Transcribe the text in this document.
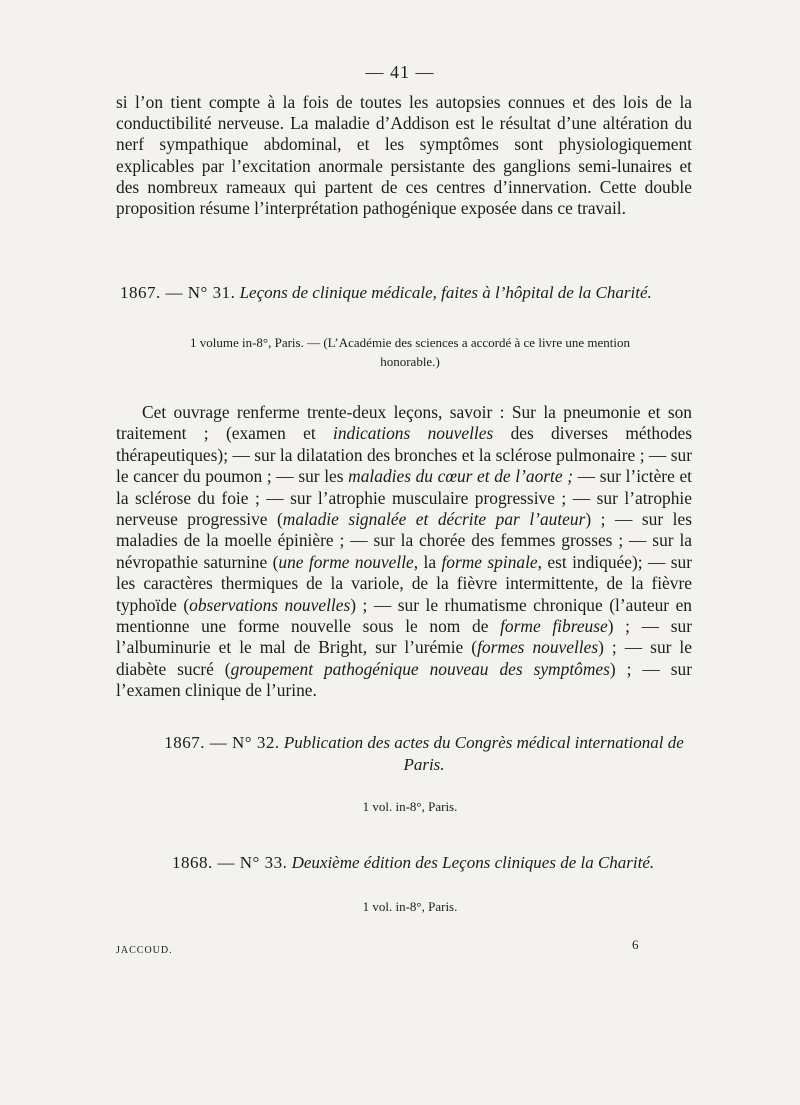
— 41 —

si l’on tient compte à la fois de toutes les autopsies connues et des lois de la conductibilité nerveuse. La maladie d’Addison est le résultat d’une altération du nerf sympathique abdominal, et les symptômes sont physiologiquement explicables par l’excitation anormale persistante des ganglions semi-lunaires et des nombreux rameaux qui partent de ces centres d’innervation. Cette double proposition résume l’interprétation pathogénique exposée dans ce travail.

1867. — N° 31. Leçons de clinique médicale, faites à l’hôpital de la Charité.
1 volume in-8°, Paris. — (L’Académie des sciences a accordé à ce livre une mention honorable.)

Cet ouvrage renferme trente-deux leçons, savoir : Sur la pneumonie et son traitement ; (examen et indications nouvelles des diverses méthodes thérapeutiques); — sur la dilatation des bronches et la sclérose pulmonaire ; — sur le cancer du poumon ; — sur les maladies du cœur et de l’aorte ; — sur l’ictère et la sclérose du foie ; — sur l’atrophie musculaire progressive ; — sur l’atrophie nerveuse progressive (maladie signalée et décrite par l’auteur) ; — sur les maladies de la moelle épinière ; — sur la chorée des femmes grosses ; — sur la névropathie saturnine (une forme nouvelle, la forme spinale, est indiquée); — sur les caractères thermiques de la variole, de la fièvre intermittente, de la fièvre typhoïde (observations nouvelles) ; — sur le rhumatisme chronique (l’auteur en mentionne une forme nouvelle sous le nom de forme fibreuse) ; — sur l’albuminurie et le mal de Bright, sur l’urémie (formes nouvelles) ; — sur le diabète sucré (groupement pathogénique nouveau des symptômes) ; — sur l’examen clinique de l’urine.

1867. — N° 32. Publication des actes du Congrès médical international de Paris.
1 vol. in-8°, Paris.
1868. — N° 33. Deuxième édition des Leçons cliniques de la Charité.
1 vol. in-8°, Paris.
JACCOUD.	6
